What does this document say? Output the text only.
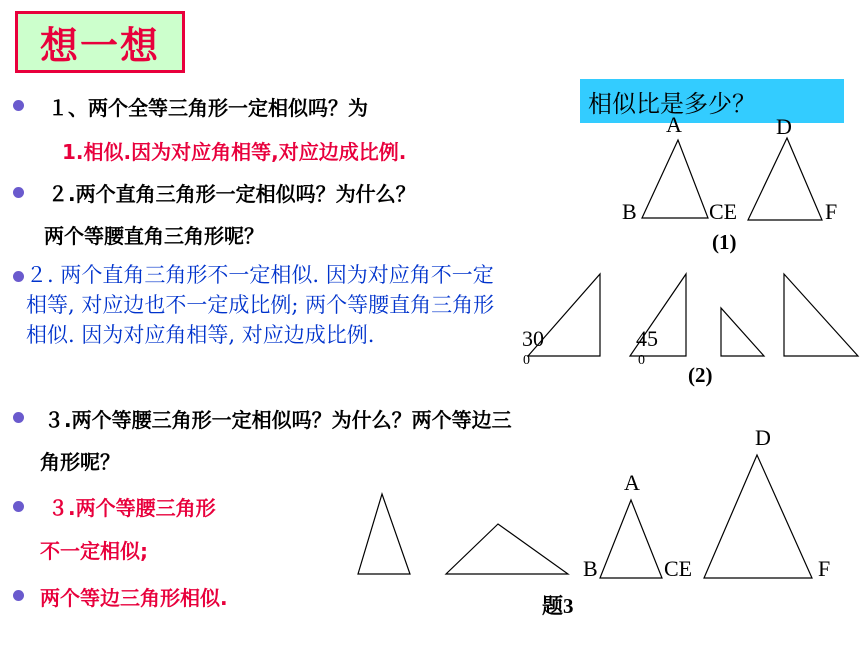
想一想
相似比是多少？
１、两个全等三角形一定相似吗？为
1.相似.因为对应角相等,对应边成比例.
２.两个直角三角形一定相似吗？为什么？
两个等腰直角三角形呢？
２. 两个直角三角形不一定相似. 因为对应角不一定相等, 对应边也不一定成比例; 两个等腰直角三角形相似. 因为对应角相等, 对应边成比例.
３.两个等腰三角形一定相似吗？为什么？两个等边三
角形呢？
３.两个等腰三角形
不一定相似;
两个等边三角形相似.
A
B	CE
D
F
(1)
30
0
45
0
(2)
A
B	CE
D
F
题3
